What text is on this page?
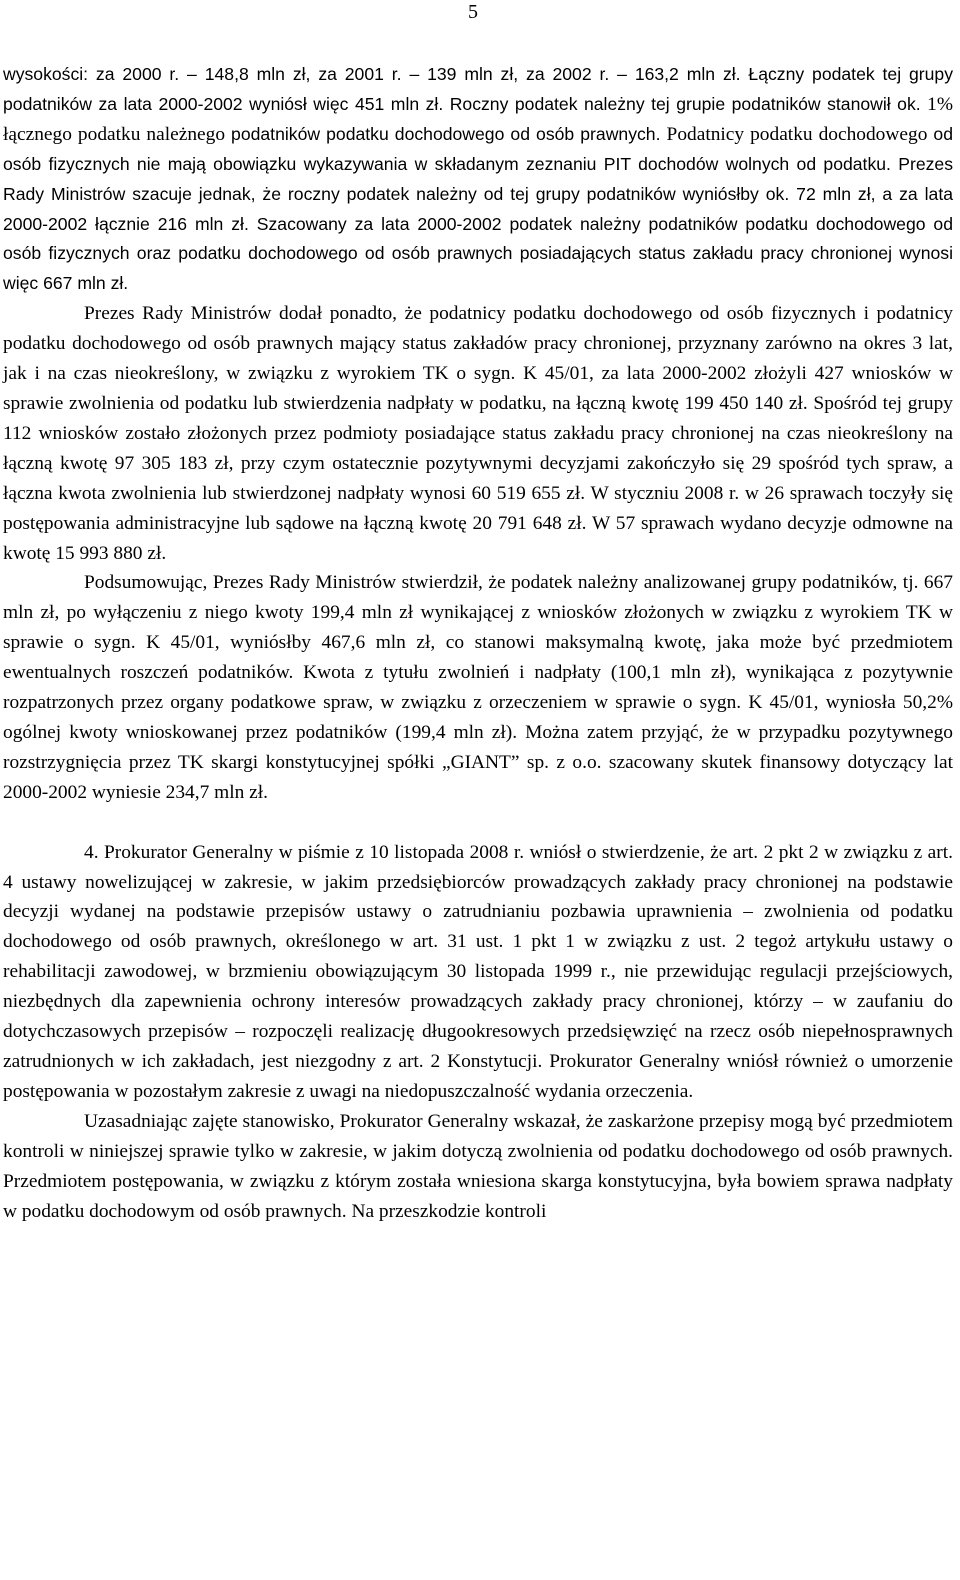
5

wysokości: za 2000 r. – 148,8 mln zł, za 2001 r. – 139 mln zł, za 2002 r. – 163,2 mln zł. Łączny podatek tej grupy podatników za lata 2000-2002 wyniósł więc 451 mln zł. Roczny podatek należny tej grupie podatników stanowił ok. 1% łącznego podatku należnego podatników podatku dochodowego od osób prawnych. Podatnicy podatku dochodowego od osób fizycznych nie mają obowiązku wykazywania w składanym zeznaniu PIT dochodów wolnych od podatku. Prezes Rady Ministrów szacuje jednak, że roczny podatek należny od tej grupy podatników wyniósłby ok. 72 mln zł, a za lata 2000-2002 łącznie 216 mln zł. Szacowany za lata 2000-2002 podatek należny podatników podatku dochodowego od osób fizycznych oraz podatku dochodowego od osób prawnych posiadających status zakładu pracy chronionej wynosi więc 667 mln zł.

Prezes Rady Ministrów dodał ponadto, że podatnicy podatku dochodowego od osób fizycznych i podatnicy podatku dochodowego od osób prawnych mający status zakładów pracy chronionej, przyznany zarówno na okres 3 lat, jak i na czas nieokreślony, w związku z wyrokiem TK o sygn. K 45/01, za lata 2000-2002 złożyli 427 wniosków w sprawie zwolnienia od podatku lub stwierdzenia nadpłaty w podatku, na łączną kwotę 199 450 140 zł. Spośród tej grupy 112 wniosków zostało złożonych przez podmioty posiadające status zakładu pracy chronionej na czas nieokreślony na łączną kwotę 97 305 183 zł, przy czym ostatecznie pozytywnymi decyzjami zakończyło się 29 spośród tych spraw, a łączna kwota zwolnienia lub stwierdzonej nadpłaty wynosi 60 519 655 zł. W styczniu 2008 r. w 26 sprawach toczyły się postępowania administracyjne lub sądowe na łączną kwotę 20 791 648 zł. W 57 sprawach wydano decyzje odmowne na kwotę 15 993 880 zł.

Podsumowując, Prezes Rady Ministrów stwierdził, że podatek należny analizowanej grupy podatników, tj. 667 mln zł, po wyłączeniu z niego kwoty 199,4 mln zł wynikającej z wniosków złożonych w związku z wyrokiem TK w sprawie o sygn. K 45/01, wyniósłby 467,6 mln zł, co stanowi maksymalną kwotę, jaka może być przedmiotem ewentualnych roszczeń podatników. Kwota z tytułu zwolnień i nadpłaty (100,1 mln zł), wynikająca z pozytywnie rozpatrzonych przez organy podatkowe spraw, w związku z orzeczeniem w sprawie o sygn. K 45/01, wyniosła 50,2% ogólnej kwoty wnioskowanej przez podatników (199,4 mln zł). Można zatem przyjąć, że w przypadku pozytywnego rozstrzygnięcia przez TK skargi konstytucyjnej spółki „GIANT” sp. z o.o. szacowany skutek finansowy dotyczący lat 2000-2002 wyniesie 234,7 mln zł.

4. Prokurator Generalny w piśmie z 10 listopada 2008 r. wniósł o stwierdzenie, że art. 2 pkt 2 w związku z art. 4 ustawy nowelizującej w zakresie, w jakim przedsiębiorców prowadzących zakłady pracy chronionej na podstawie decyzji wydanej na podstawie przepisów ustawy o zatrudnianiu pozbawia uprawnienia – zwolnienia od podatku dochodowego od osób prawnych, określonego w art. 31 ust. 1 pkt 1 w związku z ust. 2 tegoż artykułu ustawy o rehabilitacji zawodowej, w brzmieniu obowiązującym 30 listopada 1999 r., nie przewidując regulacji przejściowych, niezbędnych dla zapewnienia ochrony interesów prowadzących zakłady pracy chronionej, którzy – w zaufaniu do dotychczasowych przepisów – rozpoczęli realizację długookresowych przedsięwzięć na rzecz osób niepełnosprawnych zatrudnionych w ich zakładach, jest niezgodny z art. 2 Konstytucji. Prokurator Generalny wniósł również o umorzenie postępowania w pozostałym zakresie z uwagi na niedopuszczalność wydania orzeczenia.

Uzasadniając zajęte stanowisko, Prokurator Generalny wskazał, że zaskarżone przepisy mogą być przedmiotem kontroli w niniejszej sprawie tylko w zakresie, w jakim dotyczą zwolnienia od podatku dochodowego od osób prawnych. Przedmiotem postępowania, w związku z którym została wniesiona skarga konstytucyjna, była bowiem sprawa nadpłaty w podatku dochodowym od osób prawnych. Na przeszkodzie kontroli
